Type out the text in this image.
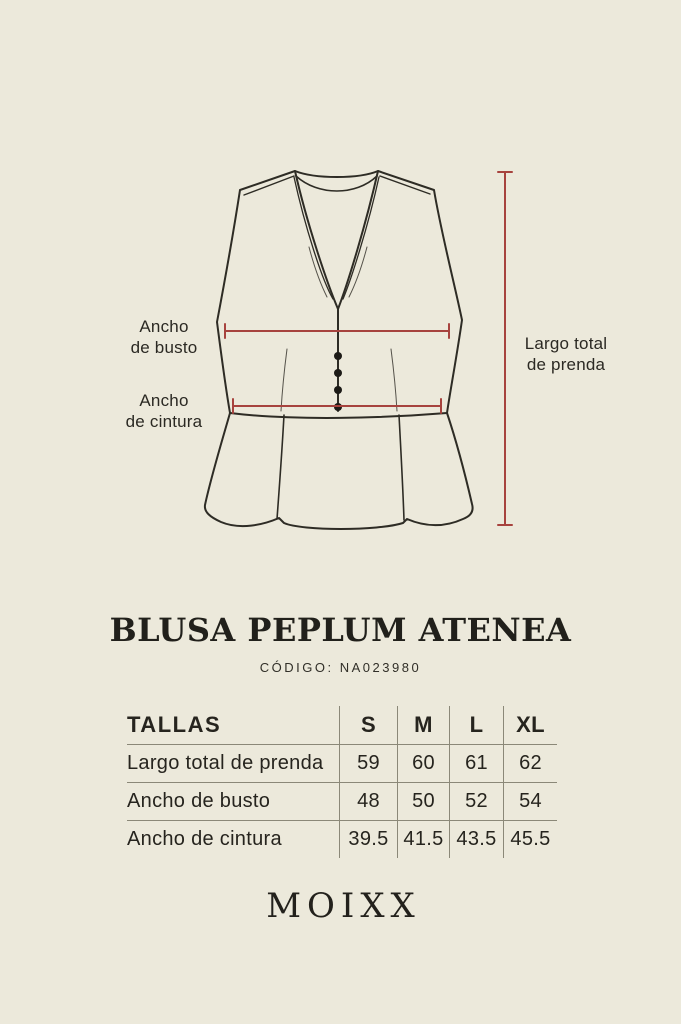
Ancho
de busto
Ancho
de cintura
Largo total
de prenda
BLUSA PEPLUM ATENEA
CÓDIGO: NA023980
TALLAS	S	M	L	XL
Largo total de prenda	59	60	61	62
Ancho de busto	48	50	52	54
Ancho de cintura	39.5 41.5 43.5 45.5
MOIXX
